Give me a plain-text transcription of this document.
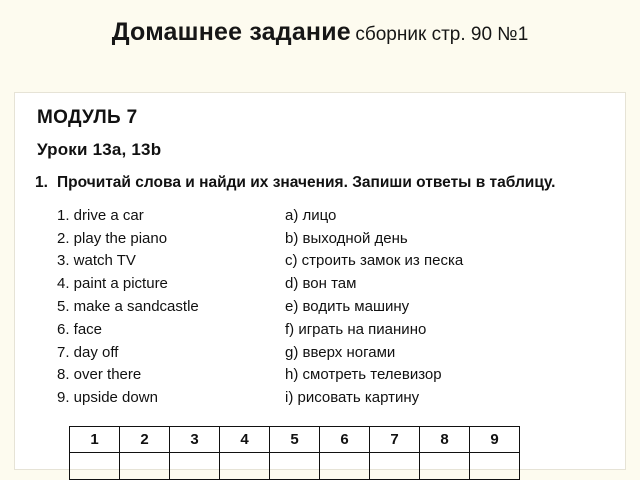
Домашнее задание сборник стр. 90 №1
МОДУЛЬ 7
Уроки 13a, 13b
1. Прочитай слова и найди их значения. Запиши ответы в таблицу.
1. drive a car
2. play the piano
3. watch TV
4. paint a picture
5. make a sandcastle
6. face
7. day off
8. over there
9. upside down
a) лицо
b) выходной день
c) строить замок из песка
d) вон там
e) водить машину
f) играть на пианино
g) вверх ногами
h) смотреть телевизор
i) рисовать картину
1	2	3	4	5	6	7	8	9
